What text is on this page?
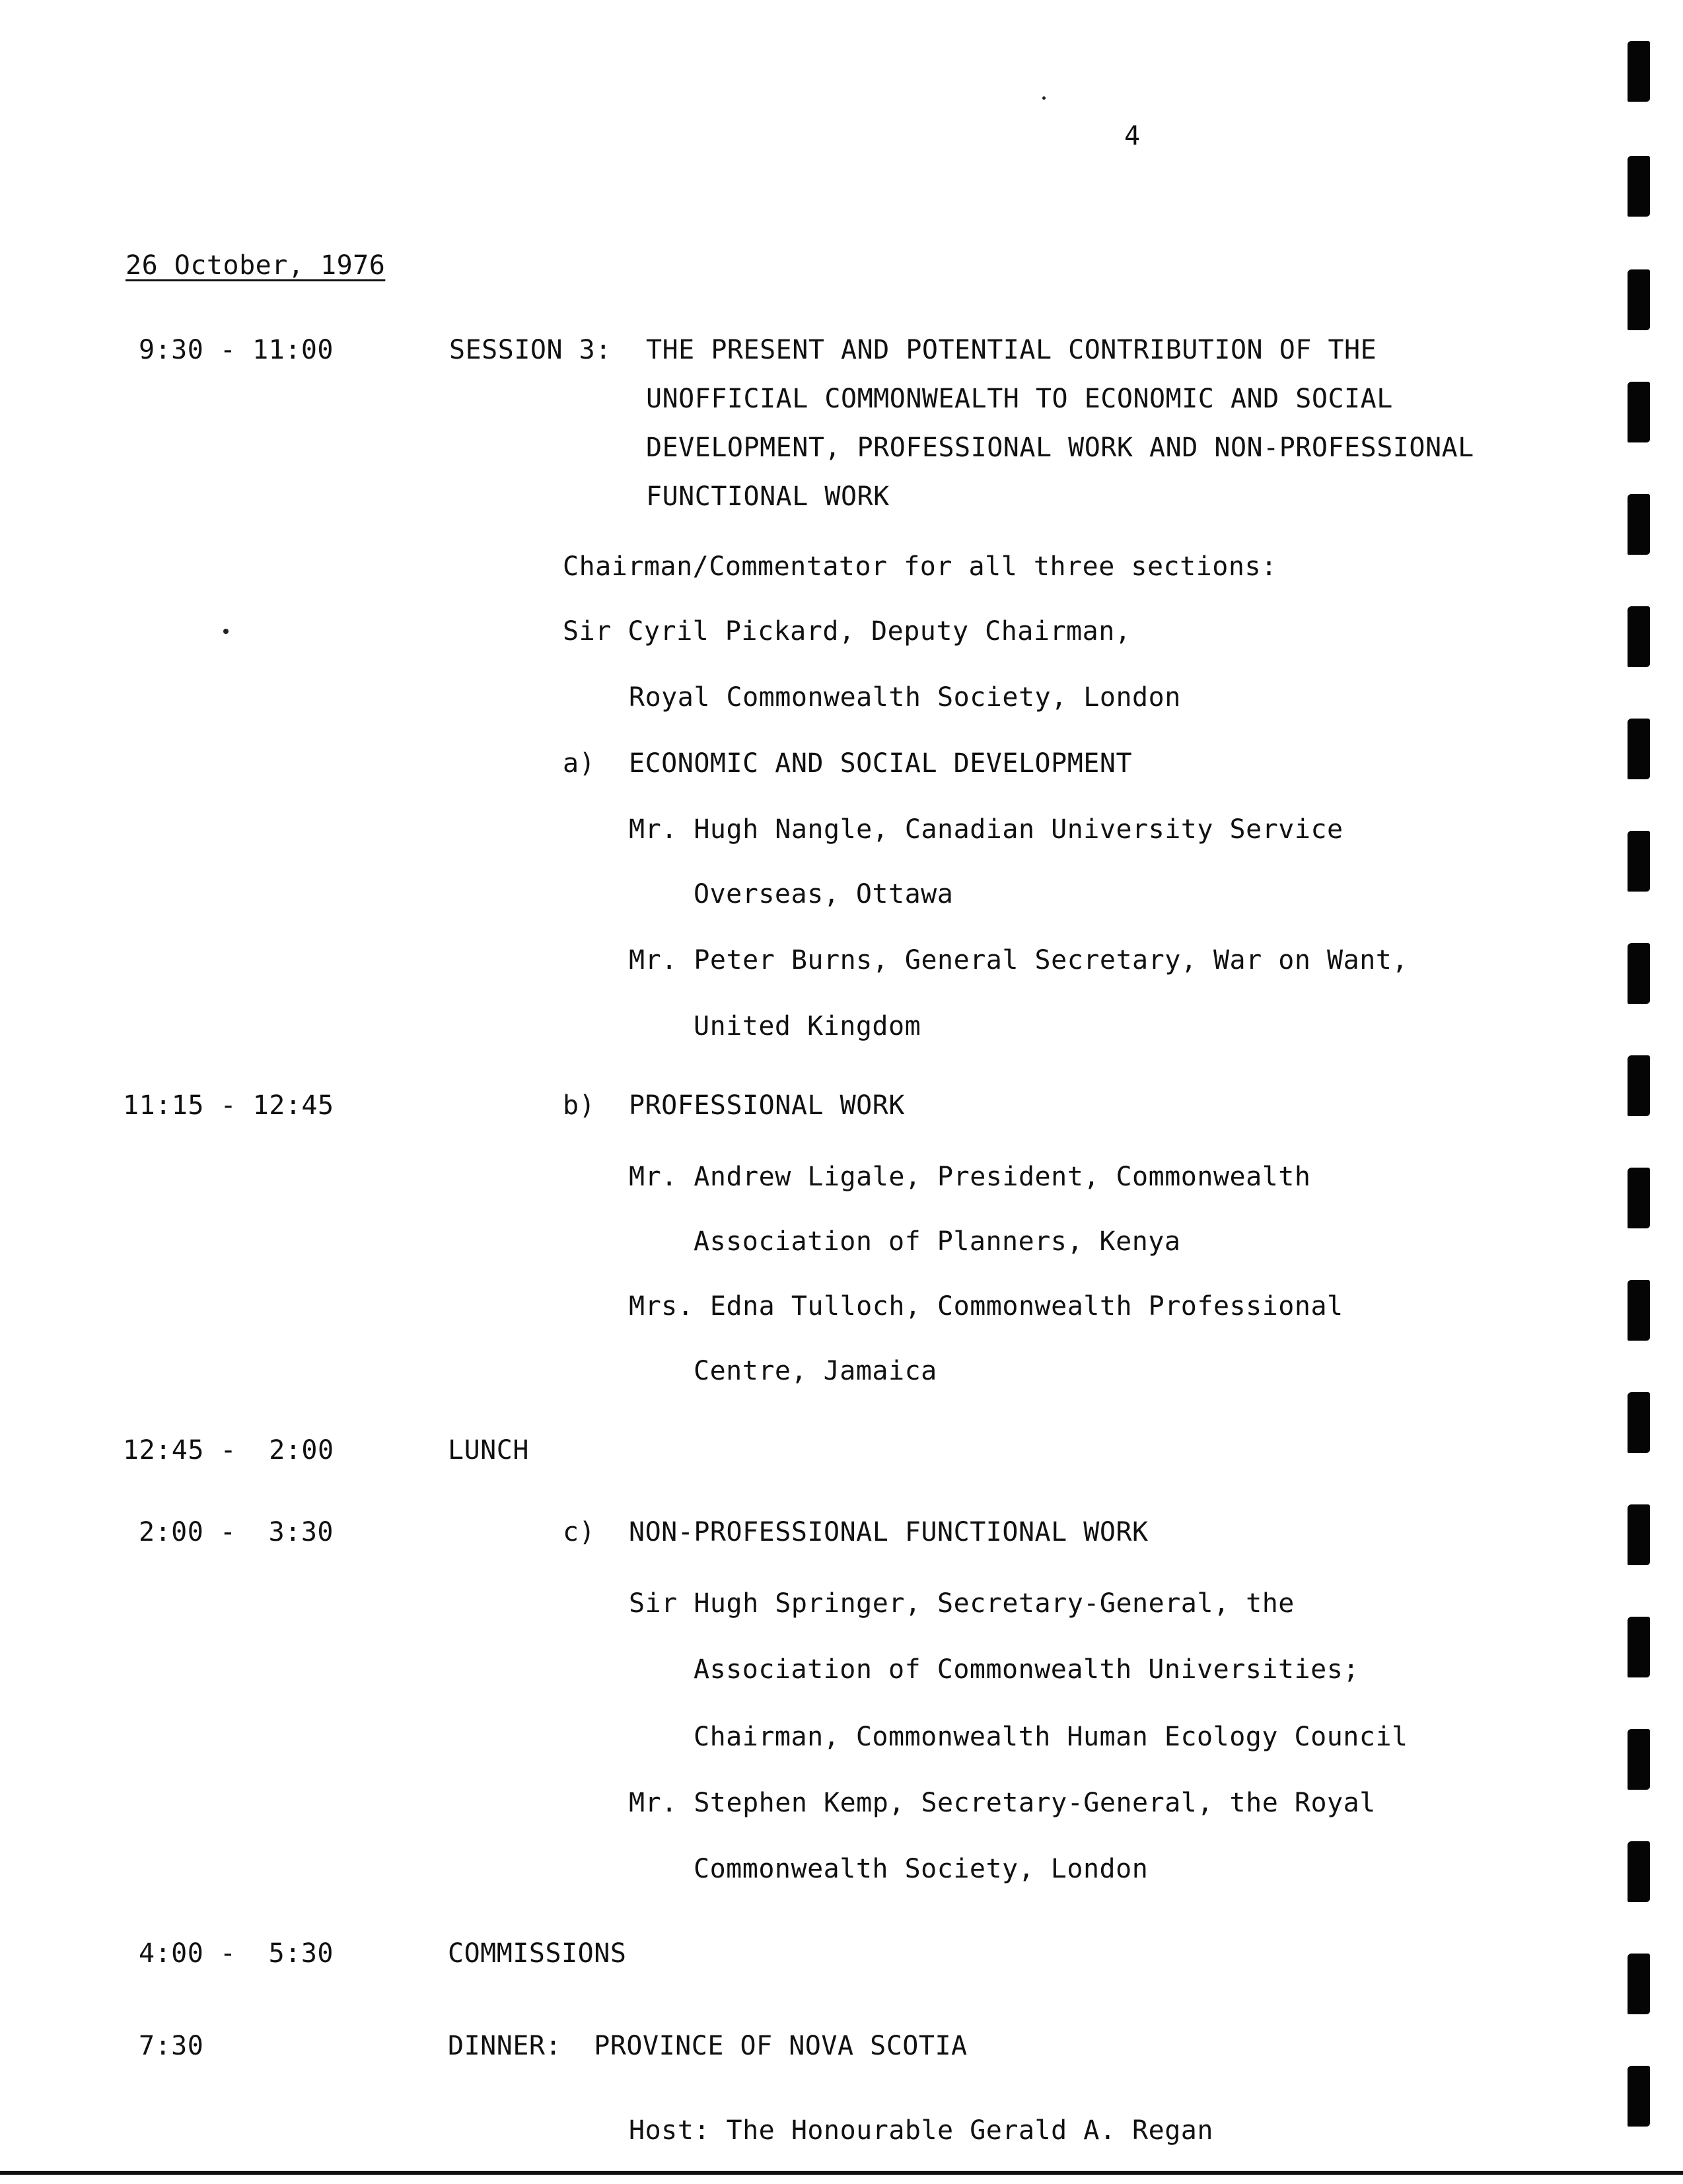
4
26 October, 1976
9:30 - 11:00	SESSION 3: THE PRESENT AND POTENTIAL CONTRIBUTION OF THE
UNOFFICIAL COMMONWEALTH TO ECONOMIC AND SOCIAL
DEVELOPMENT, PROFESSIONAL WORK AND NON-PROFESSIONAL
FUNCTIONAL WORK
Chairman/Commentator for all three sections:
Sir Cyril Pickard, Deputy Chairman,
Royal Commonwealth Society, London
a) ECONOMIC AND SOCIAL DEVELOPMENT
Mr. Hugh Nangle, Canadian University Service
Overseas, Ottawa
Mr. Peter Burns, General Secretary, War on Want,
United Kingdom
11:15 - 12:45	b) PROFESSIONAL WORK
Mr. Andrew Ligale, President, Commonwealth
Association of Planners, Kenya
Mrs. Edna Tulloch, Commonwealth Professional
Centre, Jamaica
12:45 -  2:00	LUNCH
2:00 -  3:30	c) NON-PROFESSIONAL FUNCTIONAL WORK
Sir Hugh Springer, Secretary-General, the
Association of Commonwealth Universities;
Chairman, Commonwealth Human Ecology Council
Mr. Stephen Kemp, Secretary-General, the Royal
Commonwealth Society, London
4:00 -  5:30	COMMISSIONS
7:30	DINNER:  PROVINCE OF NOVA SCOTIA
Host: The Honourable Gerald A. Regan
